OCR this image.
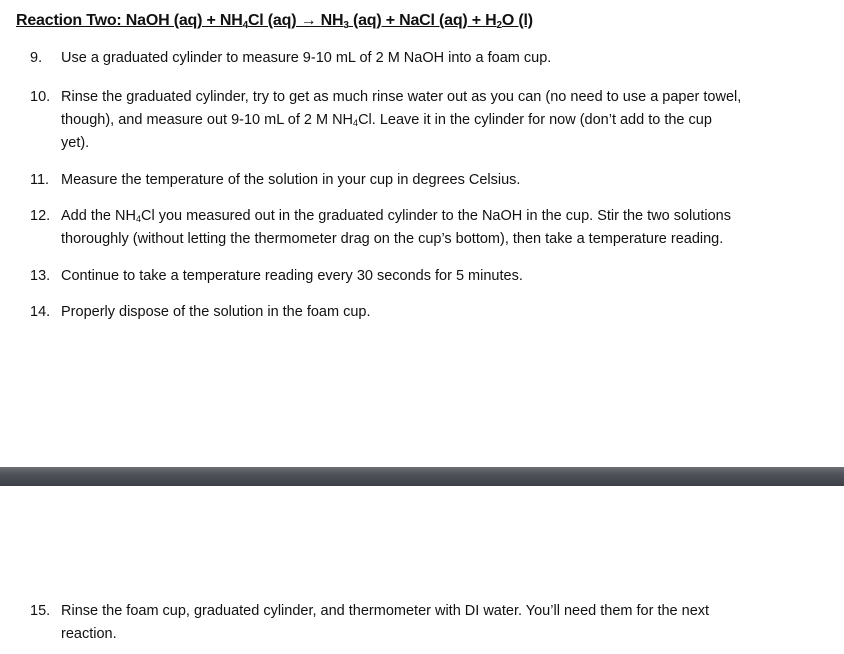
Reaction Two: NaOH $(aq) + NH_4Cl$ $(aq) \to NH_3$ (aq) + NaCl $(aq) + H_2O$ (l)
9.	Use a graduated cylinder to measure 9-10 mL of 2 M NaOH into a foam cup.
10. Rinse the graduated cylinder, try to get as much rinse water out as you can (no need to use a paper towel,
though), and measure out 9-10 mL of 2 M $NH_4Cl$. Leave it in the cylinder for now (don’t add to the cup
yet).
11. Measure the temperature of the solution in your cup in degrees Celsius.
12. Add the $NH_4Cl$ you measured out in the graduated cylinder to the NaOH in the cup. Stir the two solutions
thoroughly (without letting the thermometer drag on the cup’s bottom), then take a temperature reading.
13. Continue to take a temperature reading every 30 seconds for 5 minutes.
14. Properly dispose of the solution in the foam cup.
15. Rinse the foam cup, graduated cylinder, and thermometer with DI water. You’ll need them for the next
reaction.
